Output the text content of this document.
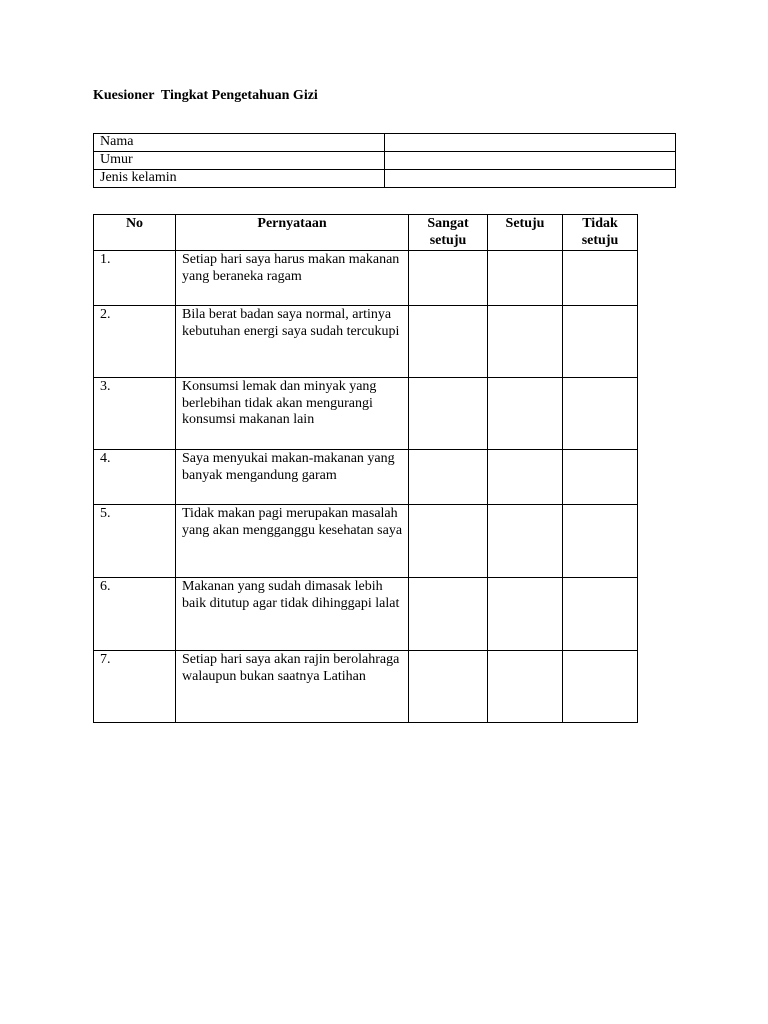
Kuesioner  Tingkat Pengetahuan Gizi
Nama	
Umur	
Jenis kelamin	
No	Pernyataan	Sangat setuju	Setuju	Tidak setuju
1.	Setiap hari saya harus makan makanan yang beraneka ragam			
2.	Bila berat badan saya normal, artinya kebutuhan energi saya sudah tercukupi			
3.	Konsumsi lemak dan minyak yang berlebihan tidak akan mengurangi konsumsi makanan lain			
4.	Saya menyukai makan-makanan yang banyak mengandung garam			
5.	Tidak makan pagi merupakan masalah yang akan mengganggu kesehatan saya			
6.	Makanan yang sudah dimasak lebih baik ditutup agar tidak dihinggapi lalat			
7.	Setiap hari saya akan rajin berolahraga walaupun bukan saatnya Latihan			
